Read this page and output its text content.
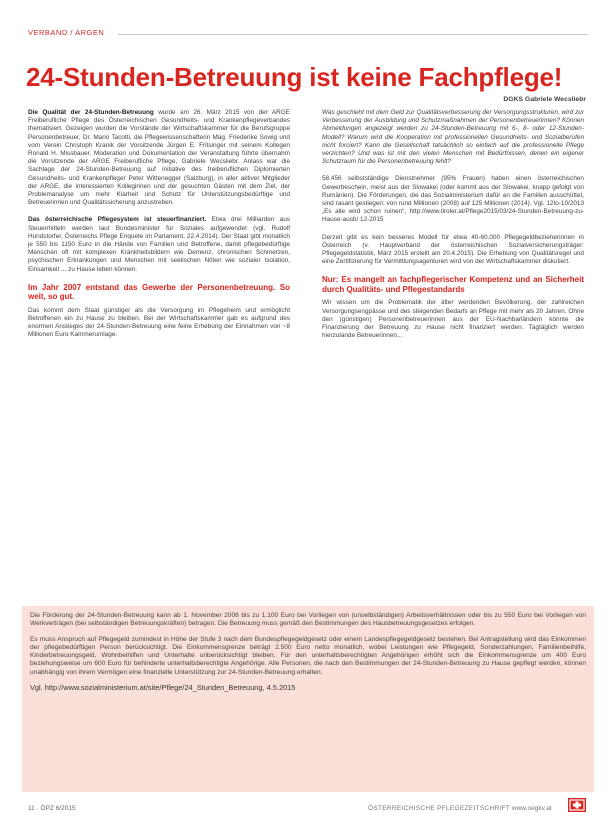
VERBAND / ARGEN
24-Stunden-Betreuung ist keine Fachpflege!
DGKS Gabriele Wecsliebr

Die Qualität der 24-Stunden-Betreuung wurde am 26. März 2015 von der ARGE Freiberufliche Pflege des Österreichischen Gesundheits- und Krankenpflegeverbandes thematisiert. Gezeigen wurden die Vorstände der Wirtschaftskammer für die Berufsgruppe Personenbetreuer, Dr. Mario Tacotti, die Pflegewissenschafterin Mag. Friederike Sowig und vom Verein Christoph Kranik der Vorsitzende Jürgen E. Fritsinger mit seinem Kollegen Ronald H. Missbauer. Moderation und Dokumentation der Veranstaltung führte übernahm die Vorsitzende der ARGE Freiberufliche Pflege, Gabriele Wecsliebr. Anlass war die Sachlage der 24-Stunden-Betreuung auf initiative des freiberuflichen Diplomierten Gesundheits- und Krankenpfleger Peter Wittenegger (Salzburg), in aller aktiver Mitglieder der ARGE, die interessierten Kolleginnen und der gesuchten Gästen mit dem Ziel, der Problemanalyse um mehr Klarheit und Schutz für Unterstützungsbedürftige und Betreuerinnen und Qualitätssicherung anzustreben.

Das österreichische Pflegesystem ist steuerfinanziert. Etwa drei Milliarden aus Steuermitteln werden laut Bundesminister für Soziales aufgewendet (vgl. Rudolf Hundstorfer, Österreichs Pflege Enquete im Parlament, 22.4.2014). Der Staat gibt monatlich je 550 bis 1150 Euro in die Hände von Familien und Betroffene, damit pflegebedürftige Menschen oft mit komplexen Krankheitsbildern wie Demenz, chronischen Schmerzen, psychischen Erkrankungen und Menschen mit seelischen Nöten wie sozialer Isolation, Einsamkeit ... zu Hause leben können.

Im Jahr 2007 entstand das Gewerbe der Personenbetreuung. So weit, so gut.

Das kommt dem Staat günstiger als die Versorgung im Pflegeheim und ermöglicht Betroffenen ein zu Hause zu bleiben. Bei der Wirtschaftskammer gab es aufgrund des enormen Anstieges der 24-Stunden-Betreuung eine feine Erhebung der Einnahmen von ~8 Millionen Euro Kammerumlage.

Was geschieht mit dem Geld zur Qualitätsverbesserung der Versorgungsstrukturen, wird zur Verbesserung der Ausbildung und Schutzmaßnahmen der Personenbetreuerinnen? Können Abmeldungen angezeigt werden zu 24-Stunden-Betreuung mit 6-, 8- oder 12-Stunden-Modell? Warum wird die Kooperation mit professionellen Gesundheits- und Sozialberufen nicht forciert? Kann die Gesellschaft tatsächlich so einfach auf die professionelle Pflege verzichten? Und was ist mit den vielen Menschen mit Bedürfnissen, denen ein eigener Schutzraum für die Personenbetreuung fehlt?

58.456 selbstständige Dienstnehmer (95% Frauen) haben einen österreichischen Gewerbeschein, meist aus der Slowakei (oder kommt aus der Slowakei, knapp gefolgt von Rumänien). Die Förderungen, die das Sozialministerium dafür an die Familien ausschüttet, sind rasant gestiegen: von rund Millionen (2008) auf 125 Millionen (2014). Vgl. 12to-10/2013 „Es alle wird schon ruinen“, http://www.tiroler.at/Pflege2015/03/24-Stunden-Betreuung-zu-Hause-ausb/ 12-2015

Derzeit gibt es kein besseres Modell für etwa 40-60.000 Pflegegeldbezieherinnen in Österreich (v. Hauptverband der österreichischen Sozialversicherungsträger: Pflegegeldstatistik, März 2015 erstellt am 20.4.2015). Die Erhebung von Qualitätsregel und eine Zertifizierung für Vermittlungsagenturen wird von der Wirtschaftskammer diskutiert.

Nur: Es mangelt an fachpflegerischer Kompetenz und an Sicherheit durch Qualitäts- und Pflegestandards

Wir wissen um die Problematik der älter werdenden Bevölkerung, der zahlreichen Versorgungsengpässe und des steigenden Bedarfs an Pflege mit mehr als 20 Jahren. Ohne den (günstigen) Personenbetreuerinnen aus der EU-Nachbarländern könnte die Finanzierung der Betreuung zu Hause nicht finanziert werden. Tagtäglich werden hierzulande Betreuerinnen...

Die Förderung der 24-Stunden-Betreuung kann ab 1. November 2008 bis zu 1.100 Euro bei Vorliegen von (unselbständigen) Arbeitsverhältnissen oder bis zu 550 Euro bei Vorliegen von Werkverträgen (bei selbständigen Betreuungskräften) betragen. Die Betreuung muss gemäß den Bestimmungen des Hausbetreuungsgesetzes erfolgen.

Es muss Anspruch auf Pflegegeld zumindest in Höhe der Stufe 3 nach dem Bundespflegegeldgesetz oder einem Landespflegegeldgesetz bestehen. Bei Antragstellung wird das Einkommen der pflegebedürftigen Person berücksichtigt. Die Einkommensgrenze beträgt 2.500 Euro netto monatlich, wobei Leistungen wie Pflegegeld, Sonderzahlungen, Familienbeihilfe, Kinderbetreuungsgeld, Wohnbeihilfen und Unterhalte unberücksichtigt bleiben. Für den unterhaltsberechtigten Angehörigen erhöht sich die Einkommensgrenze um 400 Euro beziehungsweise um 600 Euro für behinderte unterhaltsberechtigte Angehörige. Alle Personen, die nach den Bestimmungen der 24-Stunden-Betreuung zu Hause gepflegt werden, können unabhängig von ihrem Vermögen eine finanzielle Unterstützung zur 24-Stunden-Betreuung erhalten.

Vgl. http://www.sozialministerium.at/site/Pflege/24_Stunden_Betreuung, 4.5.2015

11 · ÖPZ 6/2015	ÖSTERREICHISCHE PFLEGEZEITSCHRIFT www.oegkv.at
